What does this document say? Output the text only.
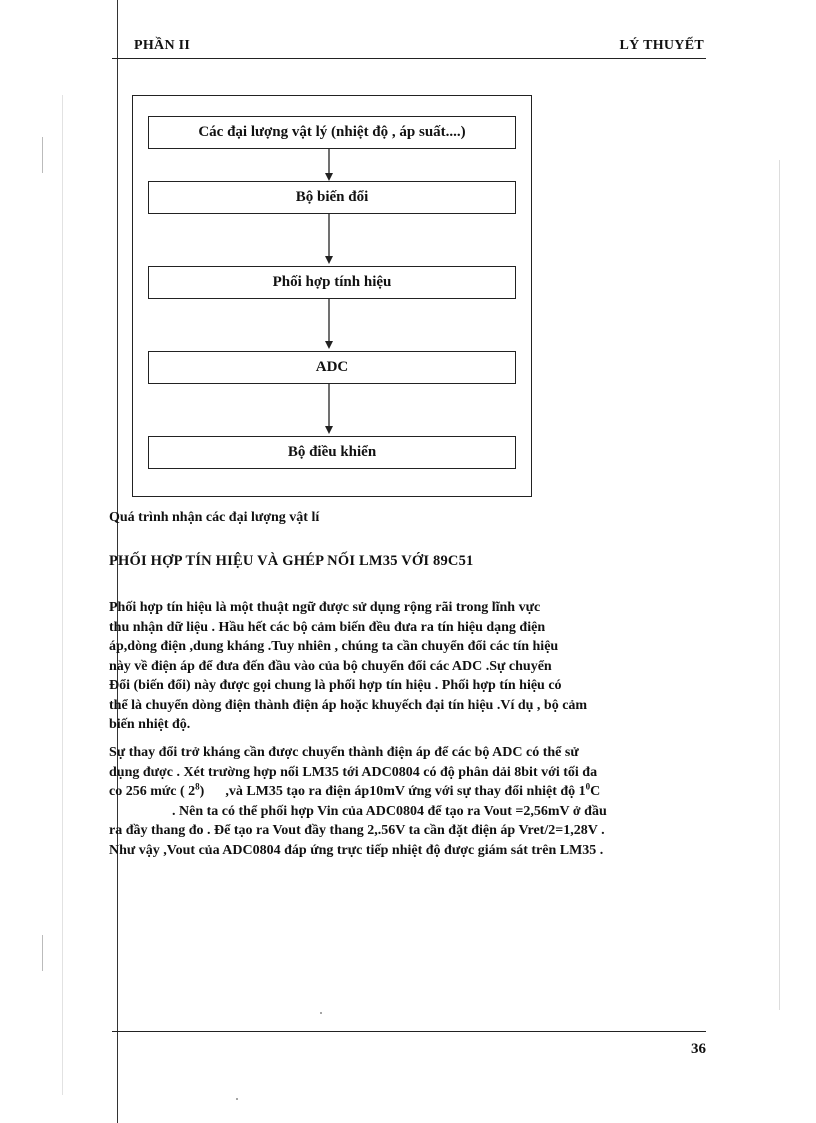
PHẦN II	LÝ THUYẾT
Các đại lượng vật lý (nhiệt độ , áp suất....)
Bộ biến đổi
Phối hợp tính hiệu
ADC
Bộ điều khiển
Quá trình nhận các đại lượng vật lí
PHỐI HỢP TÍN HIỆU VÀ GHÉP NỐI LM35 VỚI 89C51

Phối hợp tín hiệu là một thuật ngữ được sử dụng rộng rãi trong lĩnh vực
thu nhận dữ liệu . Hầu hết các bộ cảm biến đều đưa ra tín hiệu dạng điện
áp,dòng điện ,dung kháng .Tuy nhiên , chúng ta cần chuyển đổi các tín hiệu
này về điện áp để đưa đến đầu vào của bộ chuyển đổi các ADC .Sự chuyển
Đổi (biến đổi) này được gọi chung là phối hợp tín hiệu . Phối hợp tín hiệu có
thể là chuyển dòng điện thành điện áp hoặc khuyếch đại tín hiệu .Ví dụ , bộ cảm
biến nhiệt độ.

Sự thay đổi trở kháng cần được chuyển thành điện áp để các bộ ADC có thể sử
dụng được . Xét trường hợp nối LM35 tới ADC0804 có độ phân dải 8bit với tối đa
co 256 mức ( $2^8$)      ,và LM35 tạo ra điện áp10mV ứng với sự thay đổi nhiệt độ $1^0C$
. Nên ta có thể phối hợp Vin của ADC0804 để tạo ra Vout =2,56mV ở đầu
ra đầy thang đo . Để tạo ra Vout đầy thang 2,.56V ta cần đặt điện áp Vret/2=1,28V .
Như vậy ,Vout của ADC0804 đáp ứng trực tiếp nhiệt độ được giám sát trên LM35 .

36
